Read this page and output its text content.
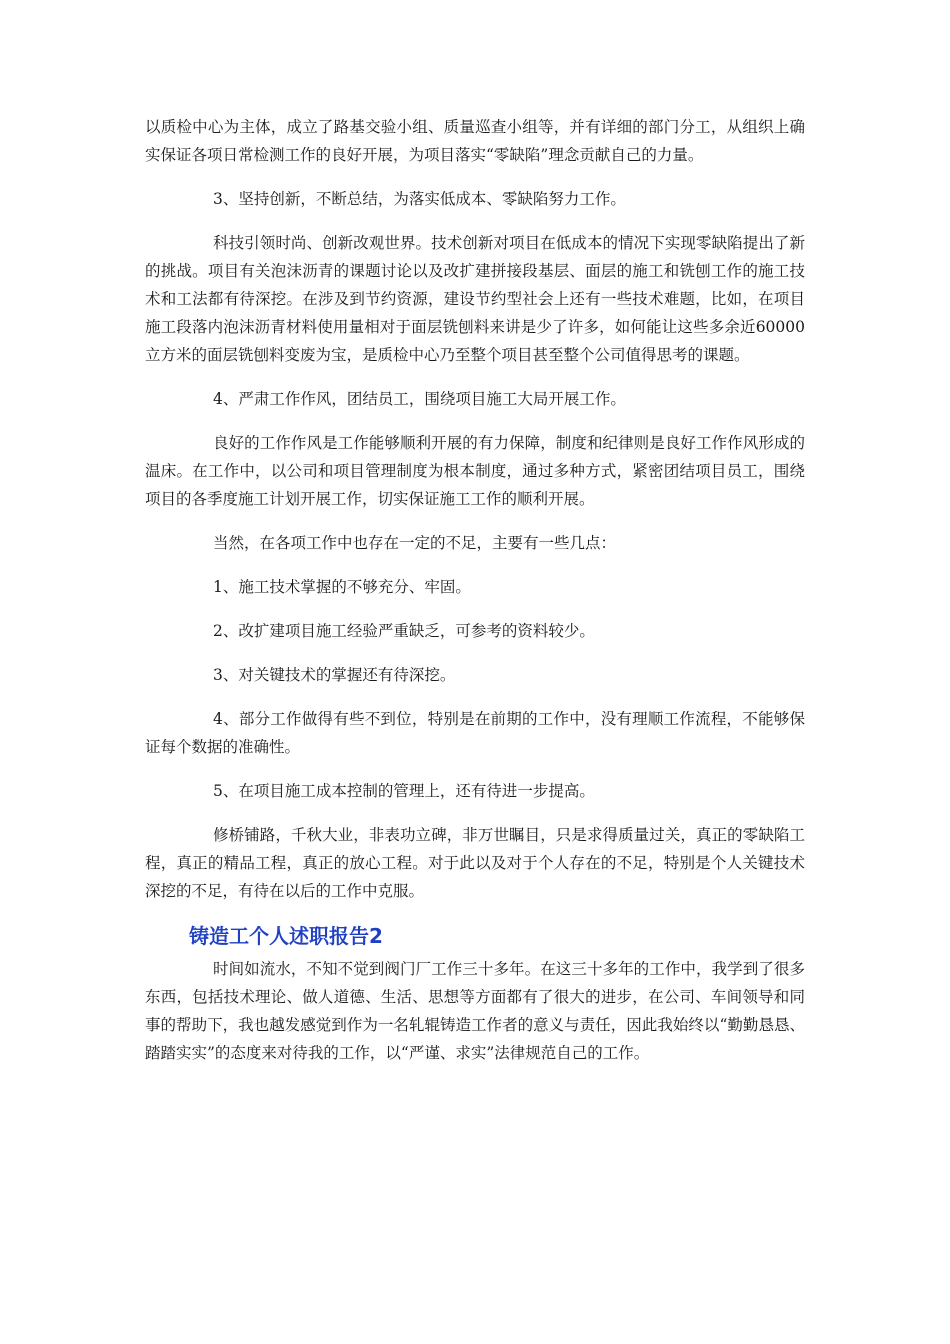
以质检中心为主体，成立了路基交验小组、质量巡查小组等，并有详细的部门分工，从组织上确实保证各项日常检测工作的良好开展，为项目落实“零缺陷”理念贡献自己的力量。

3、坚持创新，不断总结，为落实低成本、零缺陷努力工作。

科技引领时尚、创新改观世界。技术创新对项目在低成本的情况下实现零缺陷提出了新的挑战。项目有关泡沫沥青的课题讨论以及改扩建拼接段基层、面层的施工和铣刨工作的施工技术和工法都有待深挖。在涉及到节约资源，建设节约型社会上还有一些技术难题，比如，在项目施工段落内泡沫沥青材料使用量相对于面层铣刨料来讲是少了许多，如何能让这些多余近60000立方米的面层铣刨料变废为宝，是质检中心乃至整个项目甚至整个公司值得思考的课题。

4、严肃工作作风，团结员工，围绕项目施工大局开展工作。

良好的工作作风是工作能够顺利开展的有力保障，制度和纪律则是良好工作作风形成的温床。在工作中，以公司和项目管理制度为根本制度，通过多种方式，紧密团结项目员工，围绕项目的各季度施工计划开展工作，切实保证施工工作的顺利开展。

当然，在各项工作中也存在一定的不足，主要有一些几点：

1、施工技术掌握的不够充分、牢固。

2、改扩建项目施工经验严重缺乏，可参考的资料较少。

3、对关键技术的掌握还有待深挖。

4、部分工作做得有些不到位，特别是在前期的工作中，没有理顺工作流程，不能够保证每个数据的准确性。

5、在项目施工成本控制的管理上，还有待进一步提高。

修桥铺路，千秋大业，非表功立碑，非万世瞩目，只是求得质量过关，真正的零缺陷工程，真正的精品工程，真正的放心工程。对于此以及对于个人存在的不足，特别是个人关键技术深挖的不足，有待在以后的工作中克服。

铸造工个人述职报告2

时间如流水，不知不觉到阀门厂工作三十多年。在这三十多年的工作中，我学到了很多东西，包括技术理论、做人道德、生活、思想等方面都有了很大的进步，在公司、车间领导和同事的帮助下，我也越发感觉到作为一名轧辊铸造工作者的意义与责任，因此我始终以“勤勤恳恳、踏踏实实”的态度来对待我的工作，以“严谨、求实”法律规范自己的工作。
